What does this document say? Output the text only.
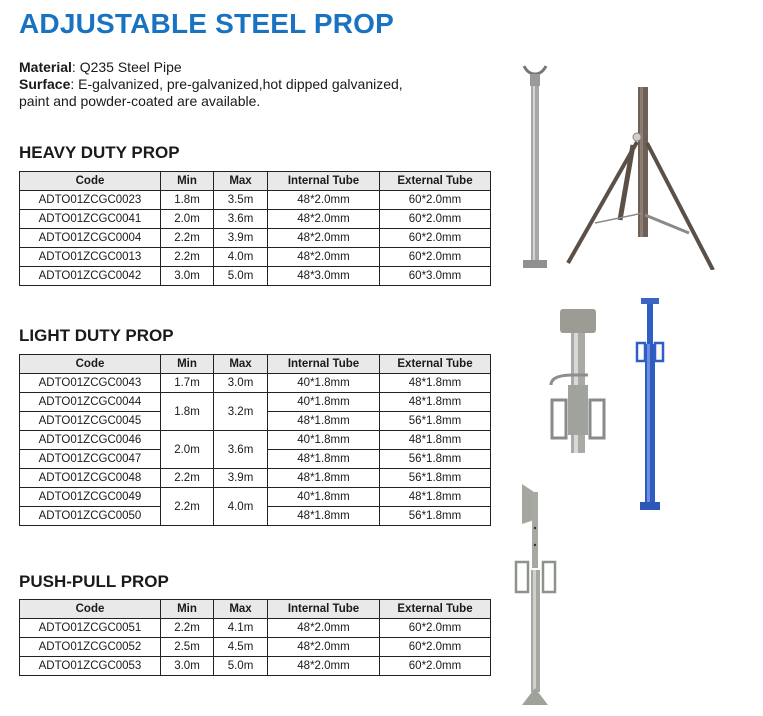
ADJUSTABLE STEEL PROP
Material: Q235 Steel Pipe
Surface: E-galvanized, pre-galvanized,hot dipped galvanized,
paint and powder-coated are available.
HEAVY DUTY PROP
Code	Min	Max	Internal Tube	External Tube
ADTO01ZCGC0023	1.8m	3.5m	48*2.0mm	60*2.0mm
ADTO01ZCGC0041	2.0m	3.6m	48*2.0mm	60*2.0mm
ADTO01ZCGC0004	2.2m	3.9m	48*2.0mm	60*2.0mm
ADTO01ZCGC0013	2.2m	4.0m	48*2.0mm	60*2.0mm
ADTO01ZCGC0042	3.0m	5.0m	48*3.0mm	60*3.0mm
LIGHT DUTY PROP
Code	Min	Max	Internal Tube	External Tube
ADTO01ZCGC0043	1.7m	3.0m	40*1.8mm	48*1.8mm
ADTO01ZCGC0044	1.8m	3.2m	40*1.8mm	48*1.8mm
ADTO01ZCGC0045			48*1.8mm	56*1.8mm
ADTO01ZCGC0046	2.0m	3.6m	40*1.8mm	48*1.8mm
ADTO01ZCGC0047			48*1.8mm	56*1.8mm
ADTO01ZCGC0048	2.2m	3.9m	48*1.8mm	56*1.8mm
ADTO01ZCGC0049	2.2m	4.0m	40*1.8mm	48*1.8mm
ADTO01ZCGC0050			48*1.8mm	56*1.8mm
PUSH-PULL PROP
Code	Min	Max	Internal Tube	External Tube
ADTO01ZCGC0051	2.2m	4.1m	48*2.0mm	60*2.0mm
ADTO01ZCGC0052	2.5m	4.5m	48*2.0mm	60*2.0mm
ADTO01ZCGC0053	3.0m	5.0m	48*2.0mm	60*2.0mm
